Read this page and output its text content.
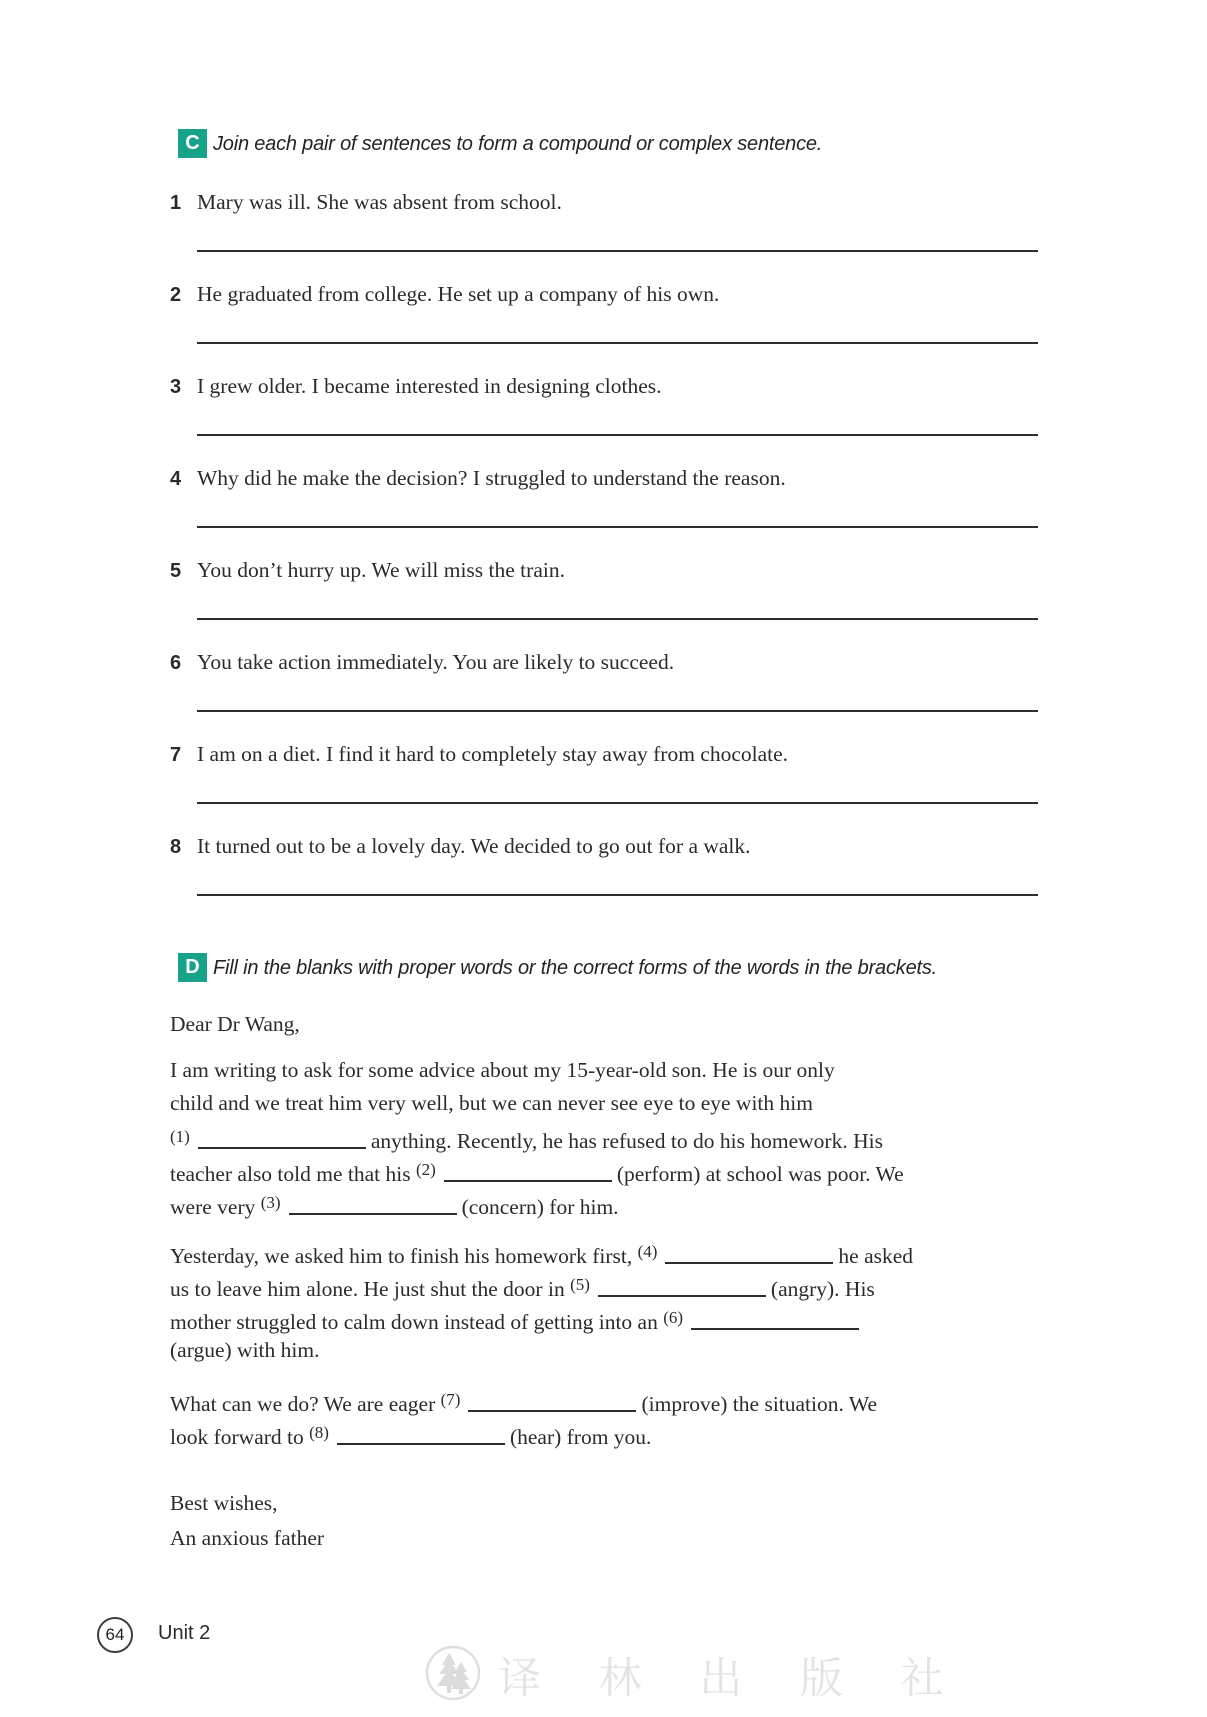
C Join each pair of sentences to form a compound or complex sentence.
1 Mary was ill. She was absent from school.
2 He graduated from college. He set up a company of his own.
3 I grew older. I became interested in designing clothes.
4 Why did he make the decision? I struggled to understand the reason.
5 You don’t hurry up. We will miss the train.
6 You take action immediately. You are likely to succeed.
7 I am on a diet. I find it hard to completely stay away from chocolate.
8 It turned out to be a lovely day. We decided to go out for a walk.
D Fill in the blanks with proper words or the correct forms of the words in the brackets.
Dear Dr Wang,
I am writing to ask for some advice about my 15-year-old son. He is our only
child and we treat him very well, but we can never see eye to eye with him
$^{(1)}$	anything. Recently, he has refused to do his homework. His
teacher also told me that his $^{(2)}$	(perform) at school was poor. We
were very $^{(3)}$	(concern) for him.
Yesterday, we asked him to finish his homework first, $^{(4)}$	he asked
us to leave him alone. He just shut the door in $^{(5)}$	(angry). His
mother struggled to calm down instead of getting into an $^{(6)}$
(argue) with him.
What can we do? We are eager $^{(7)}$	(improve) the situation. We
look forward to $^{(8)}$	(hear) from you.
Best wishes,
An anxious father
64 Unit 2
译 林 出 版 社
